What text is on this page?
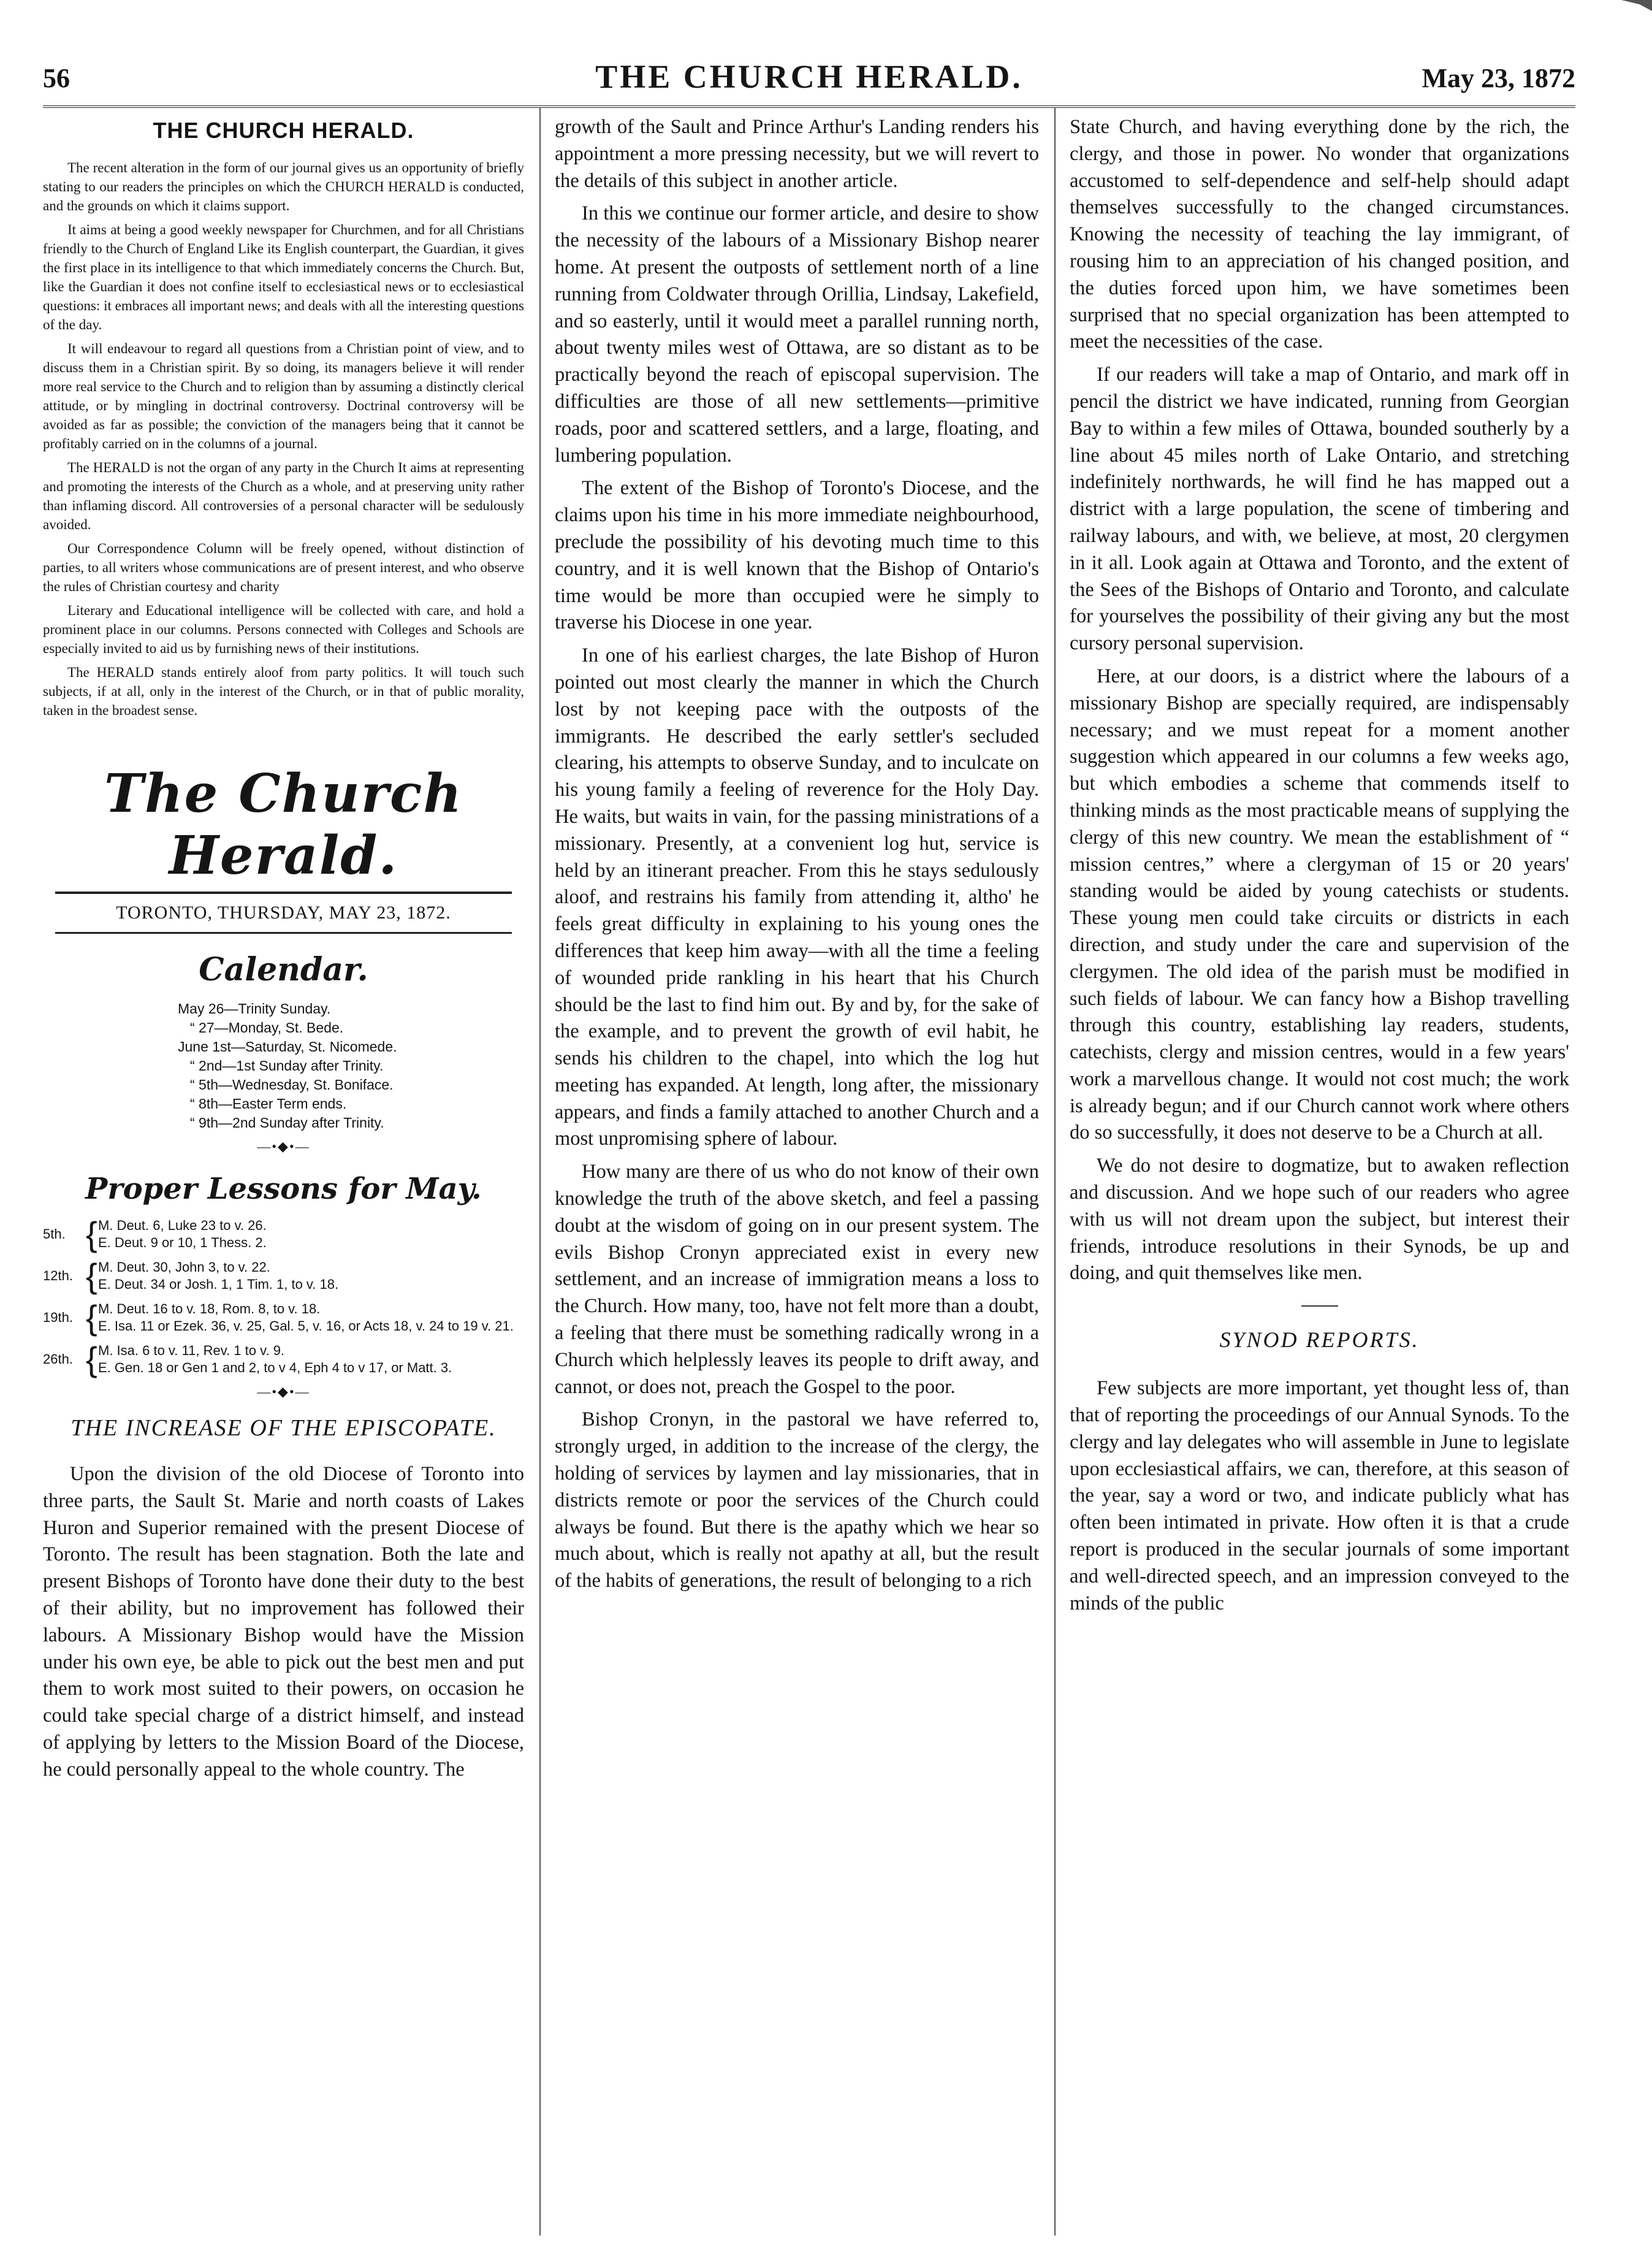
56	THE CHURCH HERALD.	May 23, 1872
THE CHURCH HERALD.

The recent alteration in the form of our journal gives us an opportunity of briefly stating to our readers the principles on which the CHURCH HERALD is conducted, and the grounds on which it claims support.

It aims at being a good weekly newspaper for Churchmen, and for all Christians friendly to the Church of England Like its English counterpart, the Guardian, it gives the first place in its intelligence to that which immediately concerns the Church. But, like the Guardian it does not confine itself to ecclesiastical news or to ecclesiastical questions: it embraces all important news; and deals with all the interesting questions of the day.

It will endeavour to regard all questions from a Christian point of view, and to discuss them in a Christian spirit. By so doing, its managers believe it will render more real service to the Church and to religion than by assuming a distinctly clerical attitude, or by mingling in doctrinal controversy. Doctrinal controversy will be avoided as far as possible; the conviction of the managers being that it cannot be profitably carried on in the columns of a journal.

The HERALD is not the organ of any party in the Church It aims at representing and promoting the interests of the Church as a whole, and at preserving unity rather than inflaming discord. All controversies of a personal character will be sedulously avoided.

Our Correspondence Column will be freely opened, without distinction of parties, to all writers whose communications are of present interest, and who observe the rules of Christian courtesy and charity

Literary and Educational intelligence will be collected with care, and hold a prominent place in our columns. Persons connected with Colleges and Schools are especially invited to aid us by furnishing news of their institutions.

The HERALD stands entirely aloof from party politics. It will touch such subjects, if at all, only in the interest of the Church, or in that of public morality, taken in the broadest sense.

The Church Herald.
TORONTO, THURSDAY, MAY 23, 1872.
Calendar.
May 26—Trinity Sunday.
“ 27—Monday, St. Bede.
June 1st—Saturday, St. Nicomede.
“ 2nd—1st Sunday after Trinity.
“ 5th—Wednesday, St. Boniface.
“ 8th—Easter Term ends.
“ 9th—2nd Sunday after Trinity.
—•◆•—
Proper Lessons for May.
5th. { M. Deut. 6, Luke 23 to v. 26.
E. Deut. 9 or 10, 1 Thess. 2.
12th. { M. Deut. 30, John 3, to v. 22.
E. Deut. 34 or Josh. 1, 1 Tim. 1, to v. 18.
19th. { M. Deut. 16 to v. 18, Rom. 8, to v. 18.
E. Isa. 11 or Ezek. 36, v. 25, Gal. 5, v. 16, or Acts 18, v. 24 to 19 v. 21.
26th. { M. Isa. 6 to v. 11, Rev. 1 to v. 9.
E. Gen. 18 or Gen 1 and 2, to v 4, Eph 4 to v 17, or Matt. 3.
—•◆•—
THE INCREASE OF THE EPISCOPATE.

Upon the division of the old Diocese of Toronto into three parts, the Sault St. Marie and north coasts of Lakes Huron and Superior remained with the present Diocese of Toronto. The result has been stagnation. Both the late and present Bishops of Toronto have done their duty to the best of their ability, but no improvement has followed their labours. A Missionary Bishop would have the Mission under his own eye, be able to pick out the best men and put them to work most suited to their powers, on occasion he could take special charge of a district himself, and instead of applying by letters to the Mission Board of the Diocese, he could personally appeal to the whole country. The

growth of the Sault and Prince Arthur's Landing renders his appointment a more pressing necessity, but we will revert to the details of this subject in another article.

In this we continue our former article, and desire to show the necessity of the labours of a Missionary Bishop nearer home. At present the outposts of settlement north of a line running from Coldwater through Orillia, Lindsay, Lakefield, and so easterly, until it would meet a parallel running north, about twenty miles west of Ottawa, are so distant as to be practically beyond the reach of episcopal supervision. The difficulties are those of all new settlements—primitive roads, poor and scattered settlers, and a large, floating, and lumbering population.

The extent of the Bishop of Toronto's Diocese, and the claims upon his time in his more immediate neighbourhood, preclude the possibility of his devoting much time to this country, and it is well known that the Bishop of Ontario's time would be more than occupied were he simply to traverse his Diocese in one year.

In one of his earliest charges, the late Bishop of Huron pointed out most clearly the manner in which the Church lost by not keeping pace with the outposts of the immigrants. He described the early settler's secluded clearing, his attempts to observe Sunday, and to inculcate on his young family a feeling of reverence for the Holy Day. He waits, but waits in vain, for the passing ministrations of a missionary. Presently, at a convenient log hut, service is held by an itinerant preacher. From this he stays sedulously aloof, and restrains his family from attending it, altho' he feels great difficulty in explaining to his young ones the differences that keep him away—with all the time a feeling of wounded pride rankling in his heart that his Church should be the last to find him out. By and by, for the sake of the example, and to prevent the growth of evil habit, he sends his children to the chapel, into which the log hut meeting has expanded. At length, long after, the missionary appears, and finds a family attached to another Church and a most unpromising sphere of labour.

How many are there of us who do not know of their own knowledge the truth of the above sketch, and feel a passing doubt at the wisdom of going on in our present system. The evils Bishop Cronyn appreciated exist in every new settlement, and an increase of immigration means a loss to the Church. How many, too, have not felt more than a doubt, a feeling that there must be something radically wrong in a Church which helplessly leaves its people to drift away, and cannot, or does not, preach the Gospel to the poor.

Bishop Cronyn, in the pastoral we have referred to, strongly urged, in addition to the increase of the clergy, the holding of services by laymen and lay missionaries, that in districts remote or poor the services of the Church could always be found. But there is the apathy which we hear so much about, which is really not apathy at all, but the result of the habits of generations, the result of belonging to a rich

State Church, and having everything done by the rich, the clergy, and those in power. No wonder that organizations accustomed to self-dependence and self-help should adapt themselves successfully to the changed circumstances. Knowing the necessity of teaching the lay immigrant, of rousing him to an appreciation of his changed position, and the duties forced upon him, we have sometimes been surprised that no special organization has been attempted to meet the necessities of the case.

If our readers will take a map of Ontario, and mark off in pencil the district we have indicated, running from Georgian Bay to within a few miles of Ottawa, bounded southerly by a line about 45 miles north of Lake Ontario, and stretching indefinitely northwards, he will find he has mapped out a district with a large population, the scene of timbering and railway labours, and with, we believe, at most, 20 clergymen in it all. Look again at Ottawa and Toronto, and the extent of the Sees of the Bishops of Ontario and Toronto, and calculate for yourselves the possibility of their giving any but the most cursory personal supervision.

Here, at our doors, is a district where the labours of a missionary Bishop are specially required, are indispensably necessary; and we must repeat for a moment another suggestion which appeared in our columns a few weeks ago, but which embodies a scheme that commends itself to thinking minds as the most practicable means of supplying the clergy of this new country. We mean the establishment of “ mission centres,” where a clergyman of 15 or 20 years' standing would be aided by young catechists or students. These young men could take circuits or districts in each direction, and study under the care and supervision of the clergymen. The old idea of the parish must be modified in such fields of labour. We can fancy how a Bishop travelling through this country, establishing lay readers, students, catechists, clergy and mission centres, would in a few years' work a marvellous change. It would not cost much; the work is already begun; and if our Church cannot work where others do so successfully, it does not deserve to be a Church at all.

We do not desire to dogmatize, but to awaken reflection and discussion. And we hope such of our readers who agree with us will not dream upon the subject, but interest their friends, introduce resolutions in their Synods, be up and doing, and quit themselves like men.

SYNOD REPORTS.

Few subjects are more important, yet thought less of, than that of reporting the proceedings of our Annual Synods. To the clergy and lay delegates who will assemble in June to legislate upon ecclesiastical affairs, we can, therefore, at this season of the year, say a word or two, and indicate publicly what has often been intimated in private. How often it is that a crude report is produced in the secular journals of some important and well-directed speech, and an impression conveyed to the minds of the public
